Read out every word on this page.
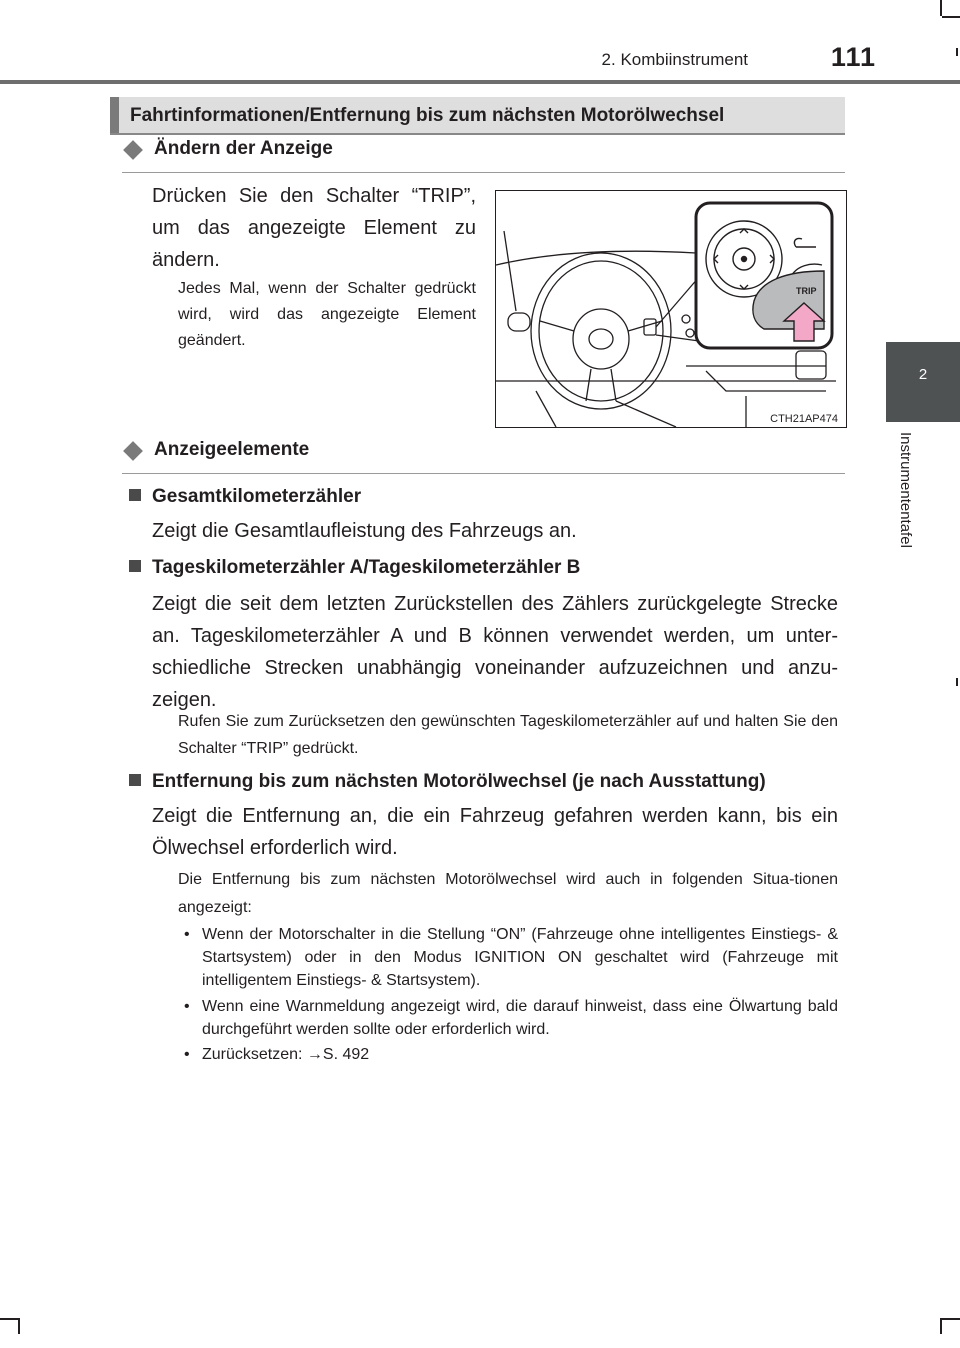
2. Kombiinstrument	111
2
Instrumententafel
Fahrtinformationen/Entfernung bis zum nächsten Motorölwechsel
Ändern der Anzeige
Drücken Sie den Schalter “TRIP”, um das angezeigte Element zu ändern.
Jedes Mal, wenn der Schalter gedrückt wird, wird das angezeigte Element geändert.
TRIP
CTH21AP474
Anzeigeelemente
Gesamtkilometerzähler
Zeigt die Gesamtlaufleistung des Fahrzeugs an.
Tageskilometerzähler A/Tageskilometerzähler B
Zeigt die seit dem letzten Zurückstellen des Zählers zurückgelegte Strecke an. Tageskilometerzähler A und B können verwendet werden, um unter-schiedliche Strecken unabhängig voneinander aufzuzeichnen und anzu-zeigen.
Rufen Sie zum Zurücksetzen den gewünschten Tageskilometerzähler auf und halten Sie den Schalter “TRIP” gedrückt.
Entfernung bis zum nächsten Motorölwechsel (je nach Ausstattung)
Zeigt die Entfernung an, die ein Fahrzeug gefahren werden kann, bis ein Ölwechsel erforderlich wird.
Die Entfernung bis zum nächsten Motorölwechsel wird auch in folgenden Situa-tionen angezeigt:
• Wenn der Motorschalter in die Stellung “ON” (Fahrzeuge ohne intelligentes Einstiegs- & Startsystem) oder in den Modus IGNITION ON geschaltet wird (Fahrzeuge mit intelligentem Einstiegs- & Startsystem).
• Wenn eine Warnmeldung angezeigt wird, die darauf hinweist, dass eine Ölwartung bald durchgeführt werden sollte oder erforderlich wird.
• Zurücksetzen: →S. 492
